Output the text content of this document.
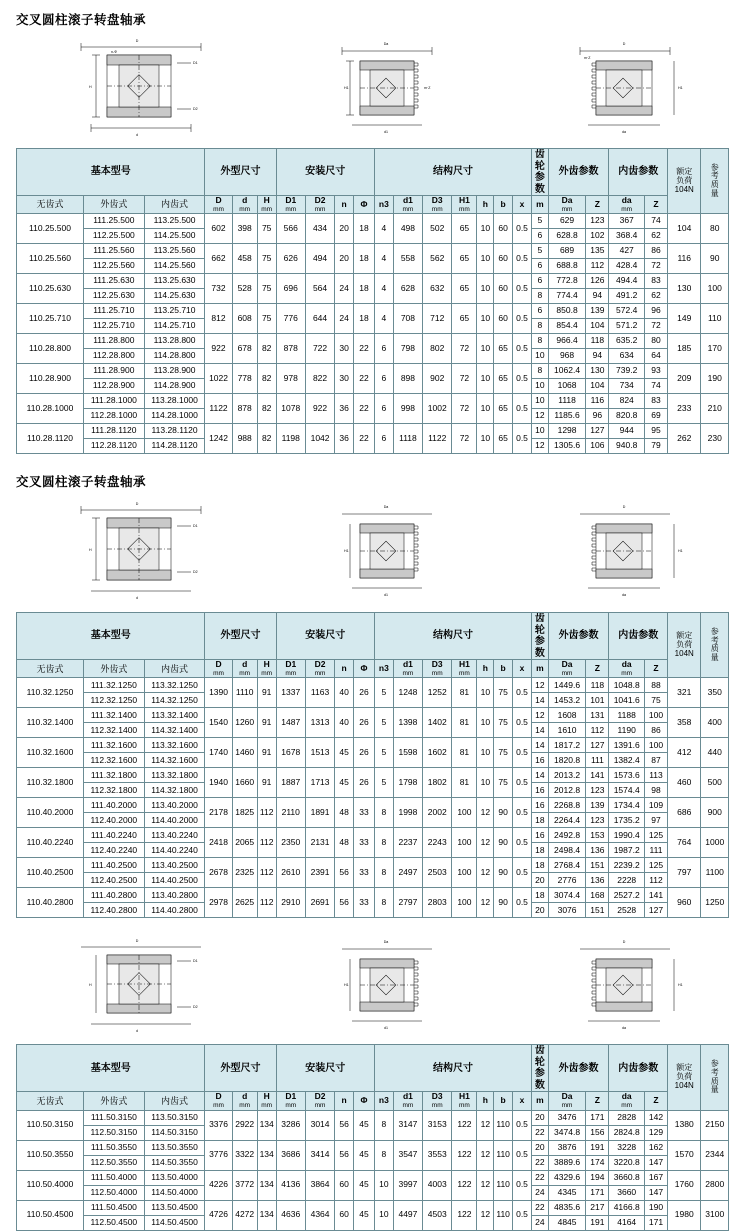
交叉圆柱滚子转盘轴承
D
d
H
D1
D2
n-Φ
Da
H1
d1
m·Z
D
da
H1
m·Z
基本型号			外型尺寸			安装尺寸				结构尺寸							齿轮参数	外齿参数		内齿参数		额定
负荷
104N	参
考
质
量
无齿式	外齿式	内齿式	D
mm	d
mm	H
mm	D1
mm	D2
mm	n	Φ	n3	d1
mm	D3
mm	H1
mm	h	b	x	m	Da
mm	Z	da
mm	Z		
110.25.500	111.25.500	113.25.500	602	398	75	566	434	20	18	4	498	502	65	10	60	0.5	5	629	123	367	74	104	80
	112.25.500	114.25.500															6	628.8	102	368.4	62		
110.25.560	111.25.560	113.25.560	662	458	75	626	494	20	18	4	558	562	65	10	60	0.5	5	689	135	427	86	116	90
	112.25.560	114.25.560															6	688.8	112	428.4	72		
110.25.630	111.25.630	113.25.630	732	528	75	696	564	24	18	4	628	632	65	10	60	0.5	6	772.8	126	494.4	83	130	100
	112.25.630	114.25.630															8	774.4	94	491.2	62		
110.25.710	111.25.710	113.25.710	812	608	75	776	644	24	18	4	708	712	65	10	60	0.5	6	850.8	139	572.4	96	149	110
	112.25.710	114.25.710															8	854.4	104	571.2	72		
110.28.800	111.28.800	113.28.800	922	678	82	878	722	30	22	6	798	802	72	10	65	0.5	8	966.4	118	635.2	80	185	170
	112.28.800	114.28.800															10	968	94	634	64		
110.28.900	111.28.900	113.28.900	1022	778	82	978	822	30	22	6	898	902	72	10	65	0.5	8	1062.4	130	739.2	93	209	190
	112.28.900	114.28.900															10	1068	104	734	74		
110.28.1000	111.28.1000	113.28.1000	1122	878	82	1078	922	36	22	6	998	1002	72	10	65	0.5	10	1118	116	824	83	233	210
	112.28.1000	114.28.1000															12	1185.6	96	820.8	69		
110.28.1120	111.28.1120	113.28.1120	1242	988	82	1198	1042	36	22	6	1118	1122	72	10	65	0.5	10	1298	127	944	95	262	230
	112.28.1120	114.28.1120															12	1305.6	106	940.8	79		
交叉圆柱滚子转盘轴承
D
d
H
D1
D2
Da
H1
d1
D
da
H1
基本型号			外型尺寸			安装尺寸				结构尺寸							齿轮参数	外齿参数		内齿参数		额定
负荷
104N	参
考
质
量
无齿式	外齿式	内齿式	D
mm	d
mm	H
mm	D1
mm	D2
mm	n	Φ	n3	d1
mm	D3
mm	H1
mm	h	b	x	m	Da
mm	Z	da
mm	Z		
110.32.1250	111.32.1250	113.32.1250	1390	1110	91	1337	1163	40	26	5	1248	1252	81	10	75	0.5	12	1449.6	118	1048.8	88	321	350
	112.32.1250	114.32.1250															14	1453.2	101	1041.6	75		
110.32.1400	111.32.1400	113.32.1400	1540	1260	91	1487	1313	40	26	5	1398	1402	81	10	75	0.5	12	1608	131	1188	100	358	400
	112.32.1400	114.32.1400															14	1610	112	1190	86		
110.32.1600	111.32.1600	113.32.1600	1740	1460	91	1678	1513	45	26	5	1598	1602	81	10	75	0.5	14	1817.2	127	1391.6	100	412	440
	112.32.1600	114.32.1600															16	1820.8	111	1382.4	87		
110.32.1800	111.32.1800	113.32.1800	1940	1660	91	1887	1713	45	26	5	1798	1802	81	10	75	0.5	14	2013.2	141	1573.6	113	460	500
	112.32.1800	114.32.1800															16	2012.8	123	1574.4	98		
110.40.2000	111.40.2000	113.40.2000	2178	1825	112	2110	1891	48	33	8	1998	2002	100	12	90	0.5	16	2268.8	139	1734.4	109	686	900
	112.40.2000	114.40.2000															18	2264.4	123	1735.2	97		
110.40.2240	111.40.2240	113.40.2240	2418	2065	112	2350	2131	48	33	8	2237	2243	100	12	90	0.5	16	2492.8	153	1990.4	125	764	1000
	112.40.2240	114.40.2240															18	2498.4	136	1987.2	111		
110.40.2500	111.40.2500	113.40.2500	2678	2325	112	2610	2391	56	33	8	2497	2503	100	12	90	0.5	18	2768.4	151	2239.2	125	797	1100
	112.40.2500	114.40.2500															20	2776	136	2228	112		
110.40.2800	111.40.2800	113.40.2800	2978	2625	112	2910	2691	56	33	8	2797	2803	100	12	90	0.5	18	3074.4	168	2527.2	141	960	1250
	112.40.2800	114.40.2800															20	3076	151	2528	127		
D
d
H
D1
D2
Da
H1
d1
D
da
H1
基本型号			外型尺寸			安装尺寸				结构尺寸							齿轮参数	外齿参数		内齿参数		额定
负荷
104N	参
考
质
量
无齿式	外齿式	内齿式	D
mm	d
mm	H
mm	D1
mm	D2
mm	n	Φ	n3	d1
mm	D3
mm	H1
mm	h	b	x	m	Da
mm	Z	da
mm	Z		
110.50.3150	111.50.3150	113.50.3150	3376	2922	134	3286	3014	56	45	8	3147	3153	122	12	110	0.5	20	3476	171	2828	142	1380	2150
	112.50.3150	114.50.3150															22	3474.8	156	2824.8	129		
110.50.3550	111.50.3550	113.50.3550	3776	3322	134	3686	3414	56	45	8	3547	3553	122	12	110	0.5	20	3876	191	3228	162	1570	2344
	112.50.3550	114.50.3550															22	3889.6	174	3220.8	147		
110.50.4000	111.50.4000	113.50.4000	4226	3772	134	4136	3864	60	45	10	3997	4003	122	12	110	0.5	22	4329.6	194	3660.8	167	1760	2800
	112.50.4000	114.50.4000															24	4345	171	3660	147		
110.50.4500	111.50.4500	113.50.4500	4726	4272	134	4636	4364	60	45	10	4497	4503	122	12	110	0.5	22	4835.6	217	4166.8	190	1980	3100
	112.50.4500	114.50.4500															24	4845	191	4164	171		
